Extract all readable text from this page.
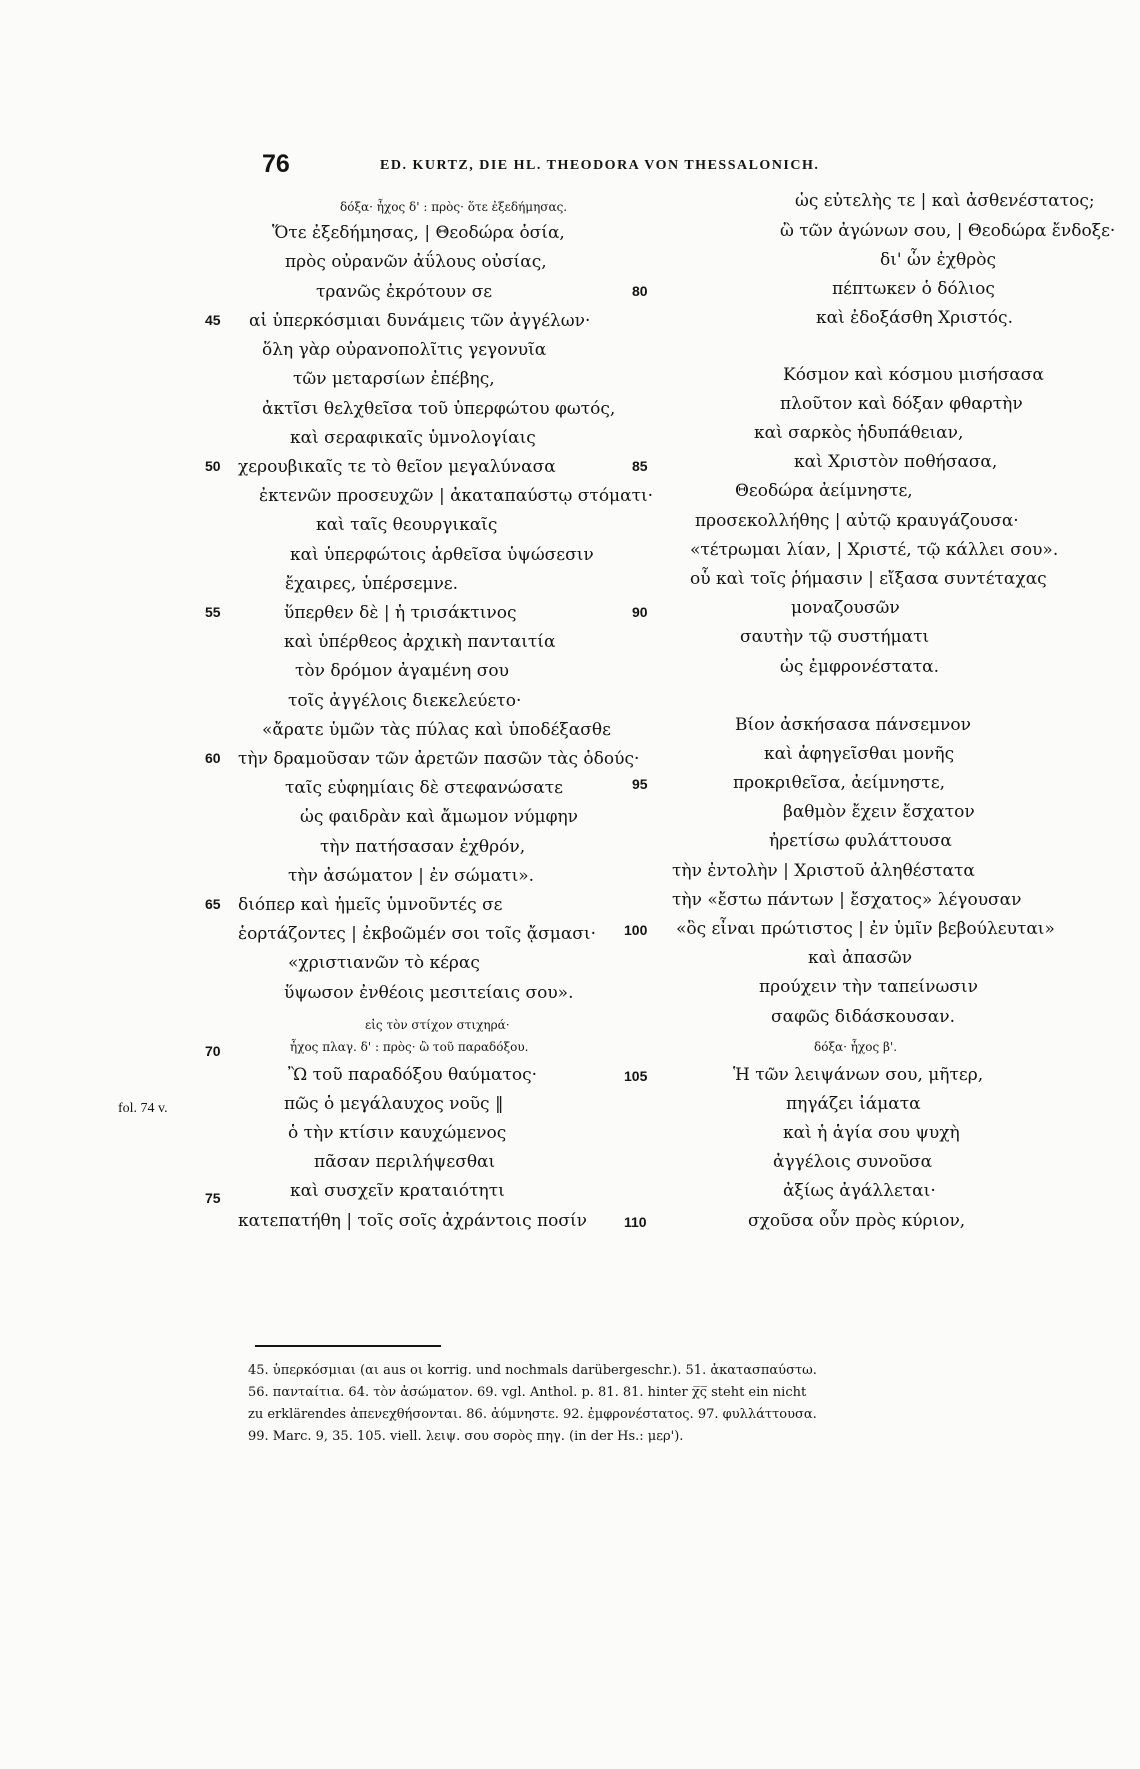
76	ED. KURTZ, DIE HL. THEODORA VON THESSALONICH.
δόξα· ἦχος δ' : πρὸς· ὅτε ἐξεδήμησας.
Ὅτε ἐξεδήμησας, | Θεοδώρα ὁσία,
πρὸς οὐρανῶν ἀΰλους οὐσίας,
τρανῶς ἐκρότουν σε
αἱ ὑπερκόσμιαι δυνάμεις τῶν ἀγγέλων·
ὅλη γὰρ οὐρανοπολῖτις γεγονυῖα
τῶν μεταρσίων ἐπέβης,
ἀκτῖσι θελχθεῖσα τοῦ ὑπερφώτου φωτός,
καὶ σεραφικαῖς ὑμνολογίαις
χερουβικαῖς τε τὸ θεῖον μεγαλύνασα
ἐκτενῶν προσευχῶν | ἀκαταπαύστῳ στόματι·
καὶ ταῖς θεουργικαῖς
καὶ ὑπερφώτοις ἀρθεῖσα ὑψώσεσιν
ἔχαιρες, ὑπέρσεμνε.
ὕπερθεν δὲ | ἡ τρισάκτινος
καὶ ὑπέρθεος ἀρχικὴ πανταιτία
τὸν δρόμον ἀγαμένη σου
τοῖς ἀγγέλοις διεκελεύετο·
«ἄρατε ὑμῶν τὰς πύλας καὶ ὑποδέξασθε
τὴν δραμοῦσαν τῶν ἀρετῶν πασῶν τὰς ὁδούς·
ταῖς εὐφημίαις δὲ στεφανώσατε
ὡς φαιδρὰν καὶ ἄμωμον νύμφην
τὴν πατήσασαν ἐχθρόν,
τὴν ἀσώματον | ἐν σώματι».
διόπερ καὶ ἡμεῖς ὑμνοῦντές σε
ἑορτάζοντες | ἐκβοῶμέν σοι τοῖς ᾄσμασι·
«χριστιανῶν τὸ κέρας
ὕψωσον ἐνθέοις μεσιτείαις σου».
εἰς τὸν στίχον στιχηρά·
ἦχος πλαγ. δ' : πρὸς· ὢ τοῦ παραδόξου.
Ὢ τοῦ παραδόξου θαύματος·
πῶς ὁ μεγάλαυχος νοῦς ‖
ὁ τὴν κτίσιν καυχώμενος
πᾶσαν περιλήψεσθαι
καὶ συσχεῖν κραταιότητι
κατεπατήθη | τοῖς σοῖς ἀχράντοις ποσίν
ὡς εὐτελὴς τε | καὶ ἀσθενέστατος;
ὢ τῶν ἀγώνων σου, | Θεοδώρα ἔνδοξε·
δι' ὧν ἐχθρὸς
πέπτωκεν ὁ δόλιος
καὶ ἐδοξάσθη Χριστός.
Κόσμον καὶ κόσμου μισήσασα
πλοῦτον καὶ δόξαν φθαρτὴν
καὶ σαρκὸς ἡδυπάθειαν,
καὶ Χριστὸν ποθήσασα,
Θεοδώρα ἀείμνηστε,
προσεκολλήθης | αὐτῷ κραυγάζουσα·
«τέτρωμαι λίαν, | Χριστέ, τῷ κάλλει σου».
οὗ καὶ τοῖς ῥήμασιν | εἴξασα συντέταχας
μοναζουσῶν
σαυτὴν τῷ συστήματι
ὡς ἐμφρονέστατα.
Βίον ἀσκήσασα πάνσεμνον
καὶ ἀφηγεῖσθαι μονῆς
προκριθεῖσα, ἀείμνηστε,
βαθμὸν ἔχειν ἔσχατον
ἠρετίσω φυλάττουσα
τὴν ἐντολὴν | Χριστοῦ ἀληθέστατα
τὴν «ἔστω πάντων | ἔσχατος» λέγουσαν
«ὃς εἶναι πρώτιστος | ἐν ὑμῖν βεβούλευται»
καὶ ἀπασῶν
προύχειν τὴν ταπείνωσιν
σαφῶς διδάσκουσαν.
δόξα· ἦχος β'.
Ἡ τῶν λειψάνων σου, μῆτερ,
πηγάζει ἰάματα
καὶ ἡ ἁγία σου ψυχὴ
ἀγγέλοις συνοῦσα
ἀξίως ἀγάλλεται·
σχοῦσα οὖν πρὸς κύριον,
45
50
55
60
65
70
75
80
85
90
95
100
105
110
fol. 74 v.
45. ὑπερκόσμιαι (αι aus οι korrig. und nochmals darübergeschr.). 51. ἀκατασπαύστω.
56. πανταίτια. 64. τὸν ἀσώματον. 69. vgl. Anthol. p. 81. 81. hinter χ̅ς̅ steht ein nicht
zu erklärendes ἀπενεχθήσονται. 86. ἀύμνηστε. 92. ἐμφρονέστατος. 97. φυλλάττουσα.
99. Marc. 9, 35. 105. viell. λειψ. σου σορὸς πηγ. (in der Hs.: μερ').
